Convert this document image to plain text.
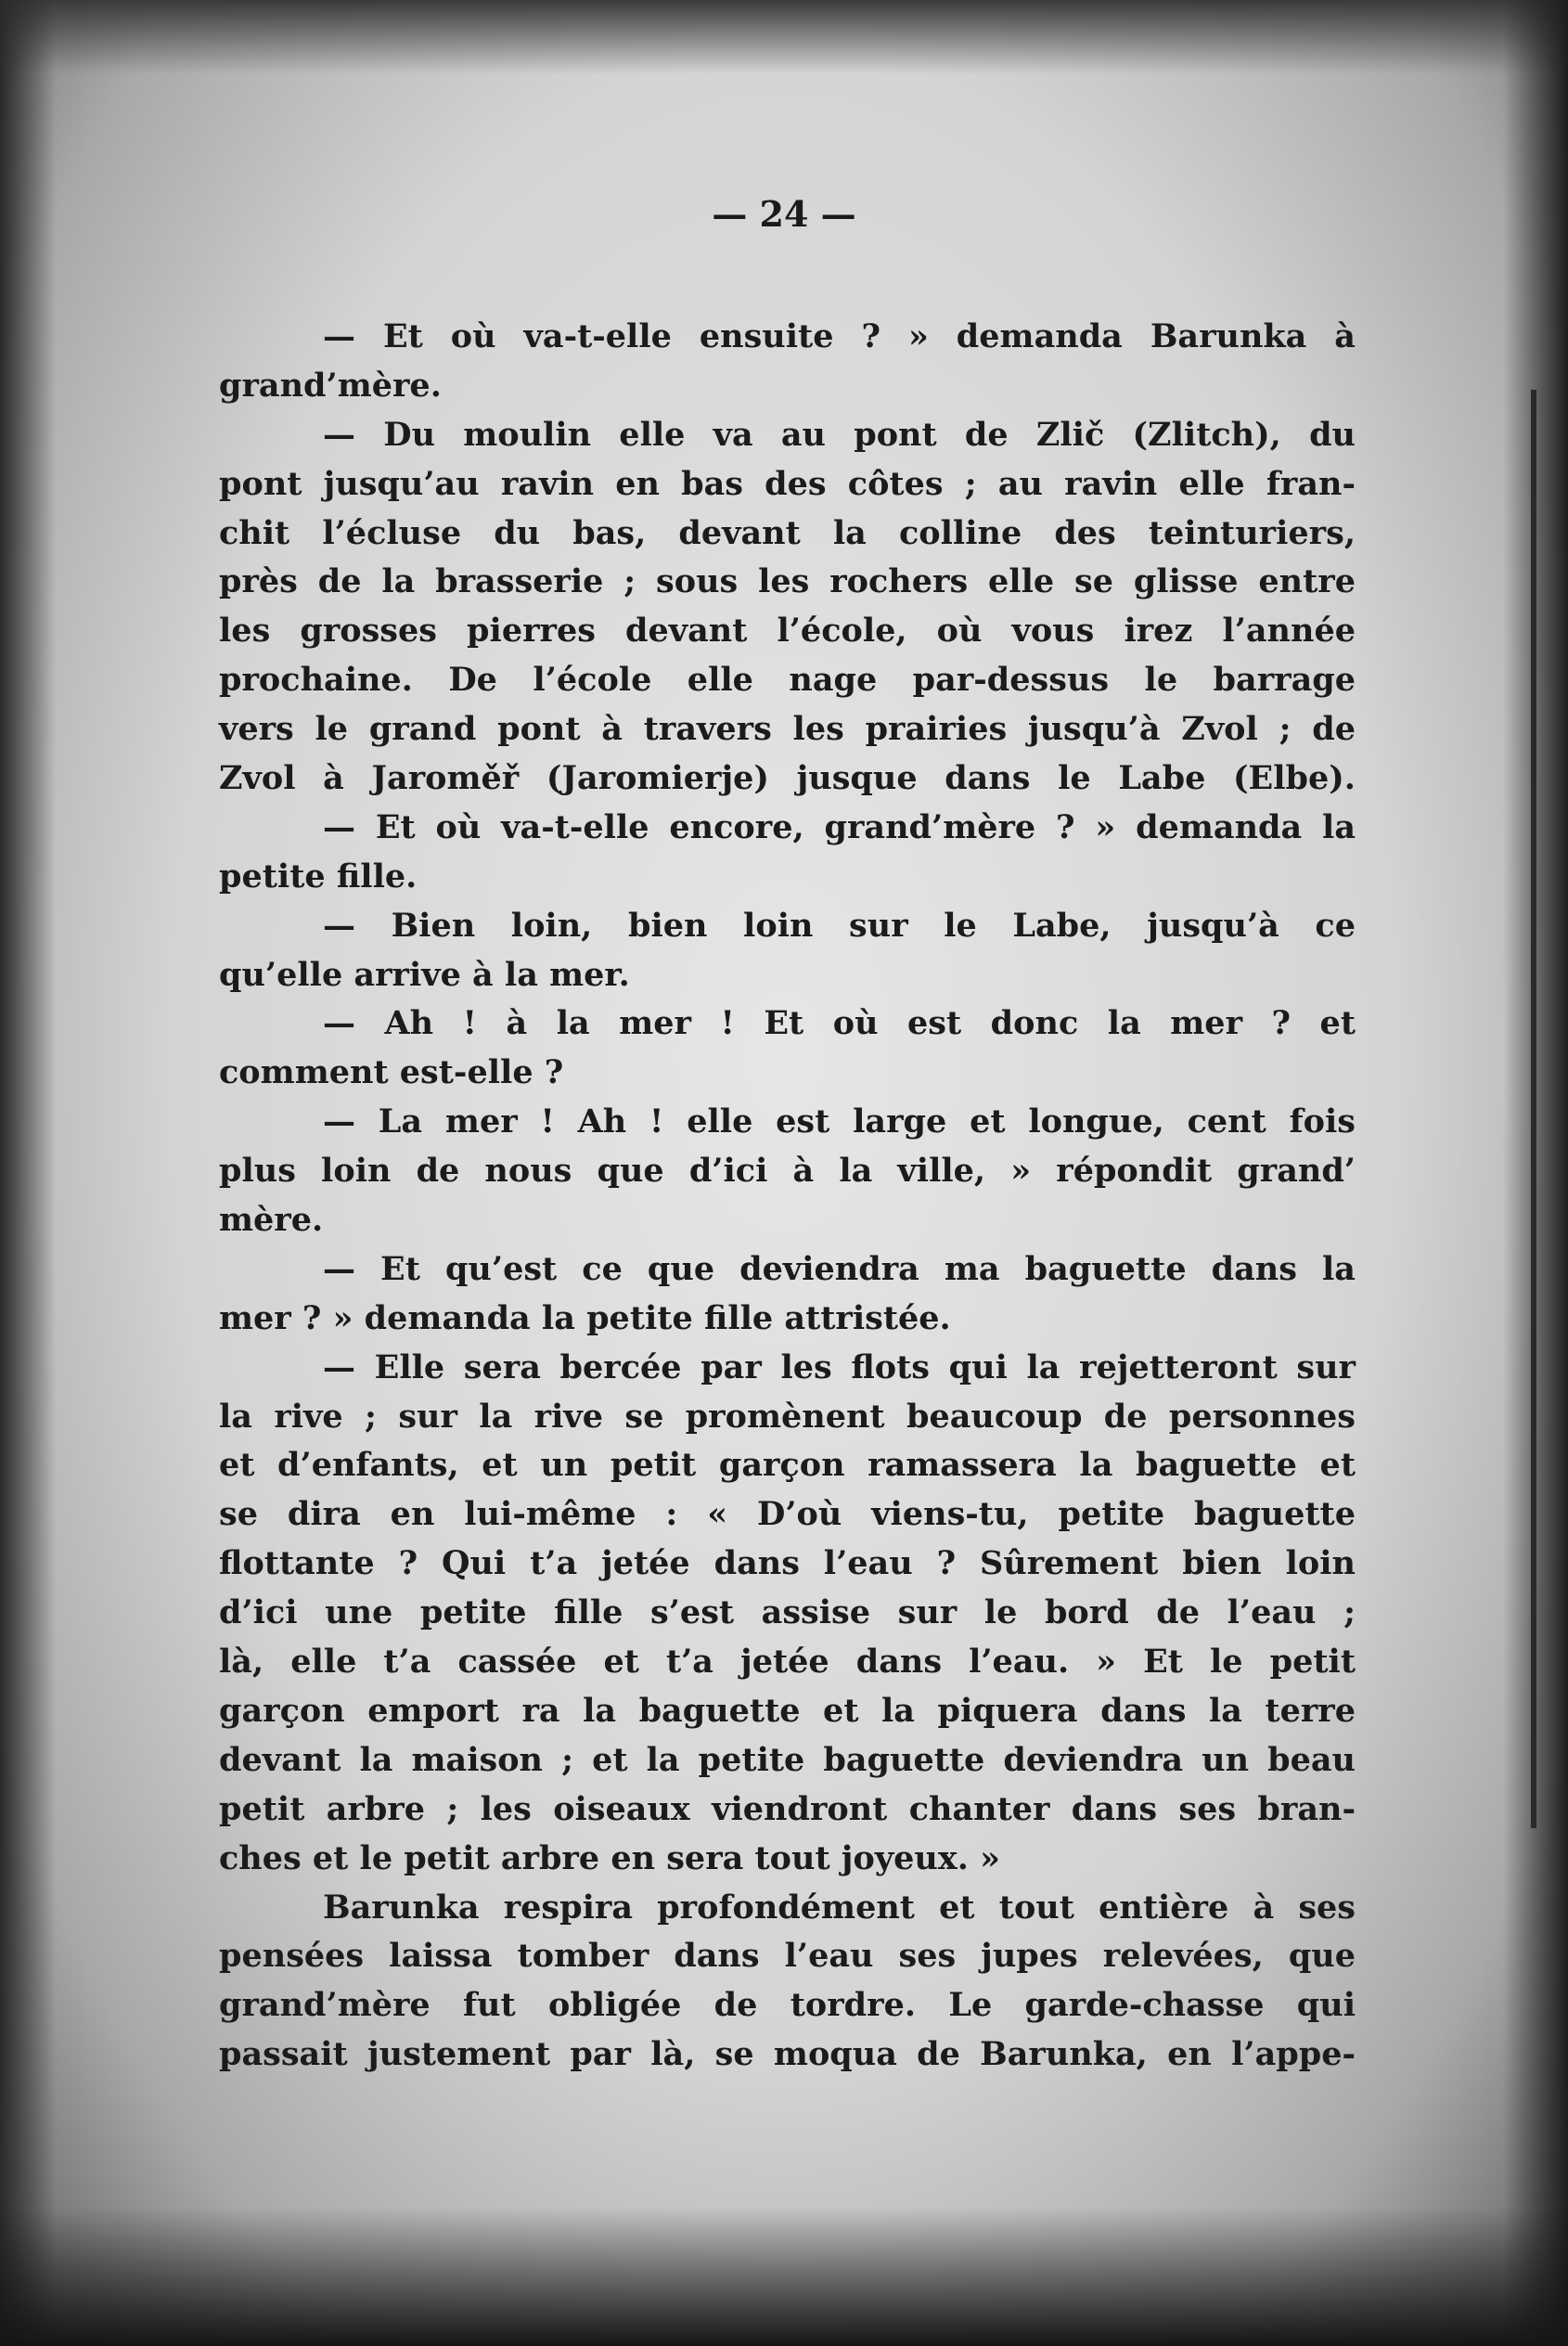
— 24 —
— Et où va-t-elle ensuite ? » demanda Barunka à
grand’mère.
— Du moulin elle va au pont de Zlič (Zlitch), du
pont jusqu’au ravin en bas des côtes ; au ravin elle fran-
chit l’écluse du bas, devant la colline des teinturiers,
près de la brasserie ; sous les rochers elle se glisse entre
les grosses pierres devant l’école, où vous irez l’année
prochaine. De l’école elle nage par-dessus le barrage
vers le grand pont à travers les prairies jusqu’à Zvol ; de
Zvol à Jaroměř (Jaromierje) jusque dans le Labe (Elbe).
— Et où va-t-elle encore, grand’mère ? » demanda la
petite fille.
— Bien loin, bien loin sur le Labe, jusqu’à ce
qu’elle arrive à la mer.
— Ah ! à la mer ! Et où est donc la mer ? et
comment est-elle ?
— La mer ! Ah ! elle est large et longue, cent fois
plus loin de nous que d’ici à la ville, » répondit grand’
mère.
— Et qu’est ce que deviendra ma baguette dans la
mer ? » demanda la petite fille attristée.
— Elle sera bercée par les flots qui la rejetteront sur
la rive ; sur la rive se promènent beaucoup de personnes
et d’enfants, et un petit garçon ramassera la baguette et
se dira en lui-même : « D’où viens-tu, petite baguette
flottante ? Qui t’a jetée dans l’eau ? Sûrement bien loin
d’ici une petite fille s’est assise sur le bord de l’eau ;
là, elle t’a cassée et t’a jetée dans l’eau. » Et le petit
garçon emport ra la baguette et la piquera dans la terre
devant la maison ; et la petite baguette deviendra un beau
petit arbre ; les oiseaux viendront chanter dans ses bran-
ches et le petit arbre en sera tout joyeux. »
Barunka respira profondément et tout entière à ses
pensées laissa tomber dans l’eau ses jupes relevées, que
grand’mère fut obligée de tordre. Le garde-chasse qui
passait justement par là, se moqua de Barunka, en l’appe-
